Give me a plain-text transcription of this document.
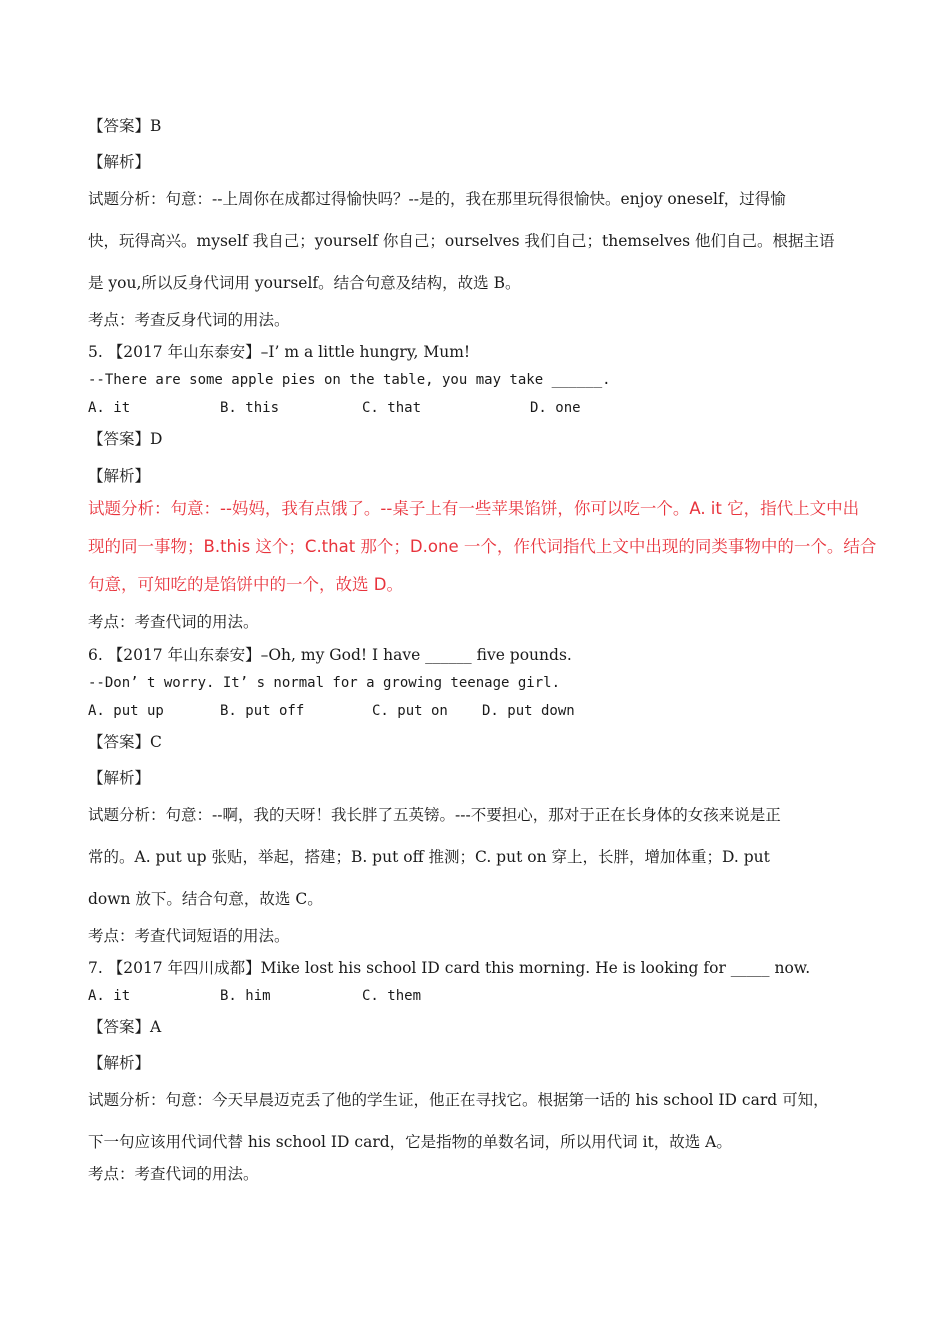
【答案】B
【解析】
试题分析：句意：--上周你在成都过得愉快吗？--是的，我在那里玩得很愉快。enjoy oneself，过得愉
快，玩得高兴。myself 我自己；yourself 你自己；ourselves 我们自己；themselves 他们自己。根据主语
是 you,所以反身代词用 yourself。结合句意及结构，故选 B。
考点：考查反身代词的用法。
5. 【2017 年山东泰安】–I’ m a little hungry, Mum!
--There are some apple pies on the table, you may take ______.
A. it	B. this	C. that	D. one
【答案】D
【解析】
试题分析：句意：--妈妈，我有点饿了。--桌子上有一些苹果馅饼，你可以吃一个。A. it 它，指代上文中出
现的同一事物；B.this 这个；C.that 那个；D.one 一个，作代词指代上文中出现的同类事物中的一个。结合
句意，可知吃的是馅饼中的一个，故选 D。
考点：考查代词的用法。
6. 【2017 年山东泰安】–Oh, my God! I have ______ five pounds.
--Don’ t worry. It’ s normal for a growing teenage girl.
A. put up	B. put off	C. put on D. put down
【答案】C
【解析】
试题分析：句意：--啊，我的天呀！我长胖了五英镑。---不要担心，那对于正在长身体的女孩来说是正
常的。A. put up 张贴，举起，搭建；B. put off 推测；C. put on 穿上，长胖，增加体重；D. put
down 放下。结合句意，故选 C。
考点：考查代词短语的用法。
7. 【2017 年四川成都】Mike lost his school ID card this morning. He is looking for _____ now.
A. it	B. him	C. them
【答案】A
【解析】
试题分析：句意：今天早晨迈克丢了他的学生证，他正在寻找它。根据第一话的 his school ID card 可知，
下一句应该用代词代替 his school ID card，它是指物的单数名词，所以用代词 it，故选 A。
考点：考查代词的用法。
